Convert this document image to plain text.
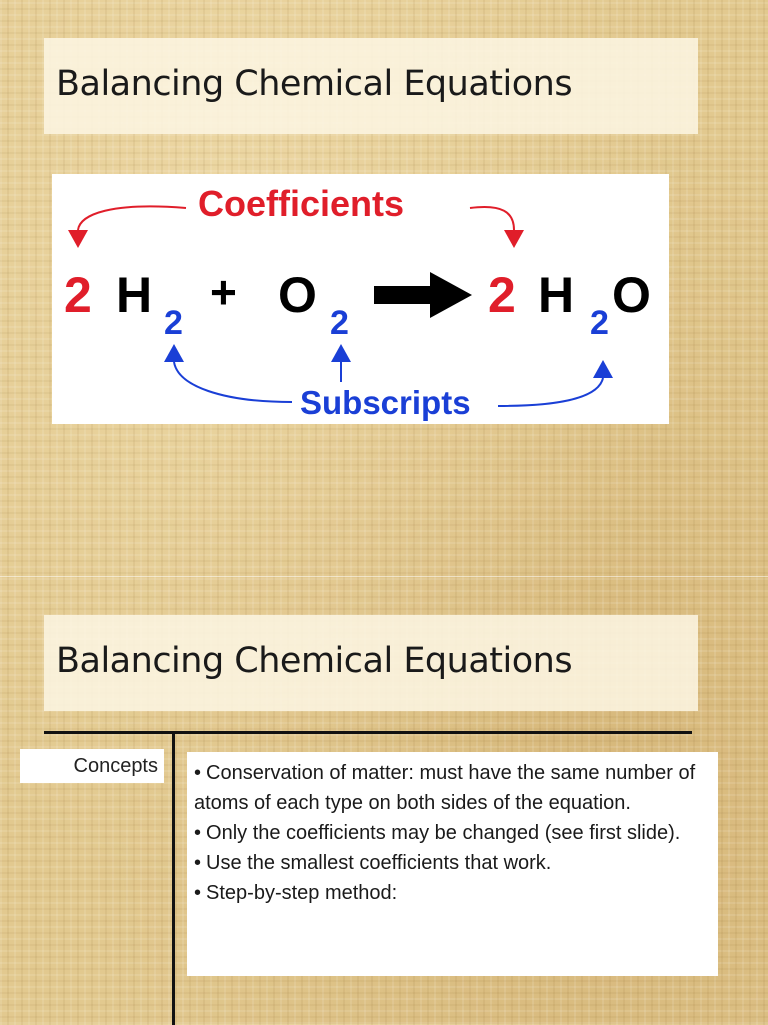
Balancing Chemical Equations
Coefficients
2 H 2
+ O 2	2 H 2 O
Subscripts
Balancing Chemical Equations
Concepts	• Conservation of matter: must have the same number of atoms of each type on both sides of the equation.

• Only the coefficients may be changed (see first slide).

• Use the smallest coefficients that work.

• Step-by-step method:
